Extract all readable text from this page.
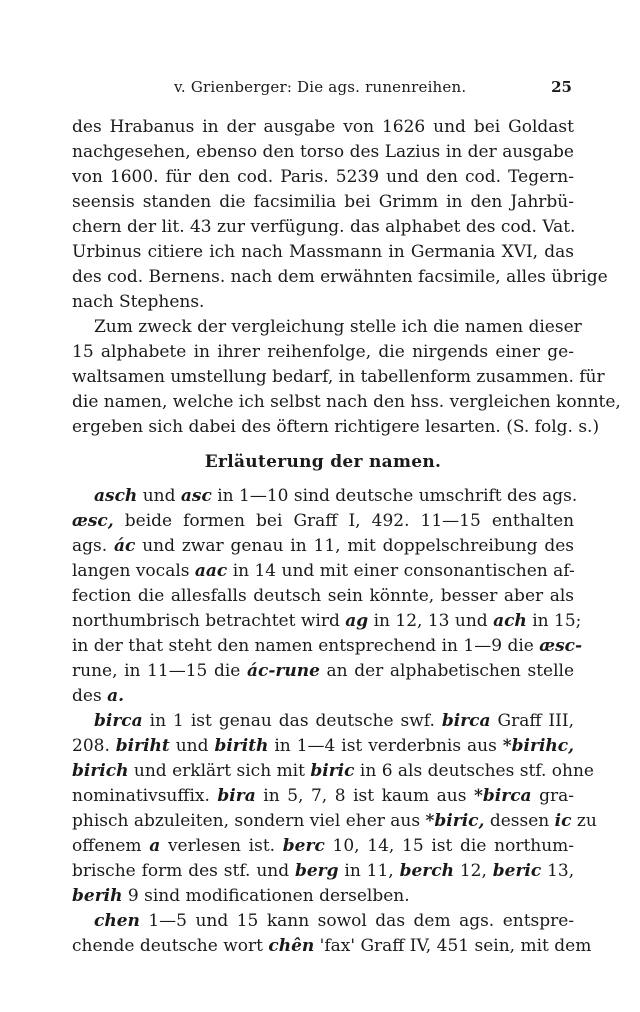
v. Grienberger: Die ags. runenreihen.	25
des Hrabanus in der ausgabe von 1626 und bei Goldast
nachgesehen, ebenso den torso des Lazius in der ausgabe
von 1600. für den cod. Paris. 5239 und den cod. Tegern-
seensis standen die facsimilia bei Grimm in den Jahrbü-
chern der lit. 43 zur verfügung. das alphabet des cod. Vat.
Urbinus citiere ich nach Massmann in Germania XVI, das
des cod. Bernens. nach dem erwähnten facsimile, alles übrige
nach Stephens.
Zum zweck der vergleichung stelle ich die namen dieser
15 alphabete in ihrer reihenfolge, die nirgends einer ge-
waltsamen umstellung bedarf, in tabellenform zusammen. für
die namen, welche ich selbst nach den hss. vergleichen konnte,
ergeben sich dabei des öftern richtigere lesarten. (S. folg. s.)
Erläuterung der namen.
asch und asc in 1—10 sind deutsche umschrift des ags.
æsc, beide formen bei Graff I, 492. 11—15 enthalten
ags. ác und zwar genau in 11, mit doppelschreibung des
langen vocals aac in 14 und mit einer consonantischen af-
fection die allesfalls deutsch sein könnte, besser aber als
northumbrisch betrachtet wird ag in 12, 13 und ach in 15;
in der that steht den namen entsprechend in 1—9 die æsc-
rune, in 11—15 die ác-rune an der alphabetischen stelle
des a.
birca in 1 ist genau das deutsche swf. birca Graff III,
208. biriht und birith in 1—4 ist verderbnis aus *birihc,
birich und erklärt sich mit biric in 6 als deutsches stf. ohne
nominativsuffix. bira in 5, 7, 8 ist kaum aus *birca gra-
phisch abzuleiten, sondern viel eher aus *biric, dessen ic zu
offenem a verlesen ist. berc 10, 14, 15 ist die northum-
brische form des stf. und berg in 11, berch 12, beric 13,
berih 9 sind modificationen derselben.
chen 1—5 und 15 kann sowol das dem ags. entspre-
chende deutsche wort chên 'fax' Graff IV, 451 sein, mit dem
